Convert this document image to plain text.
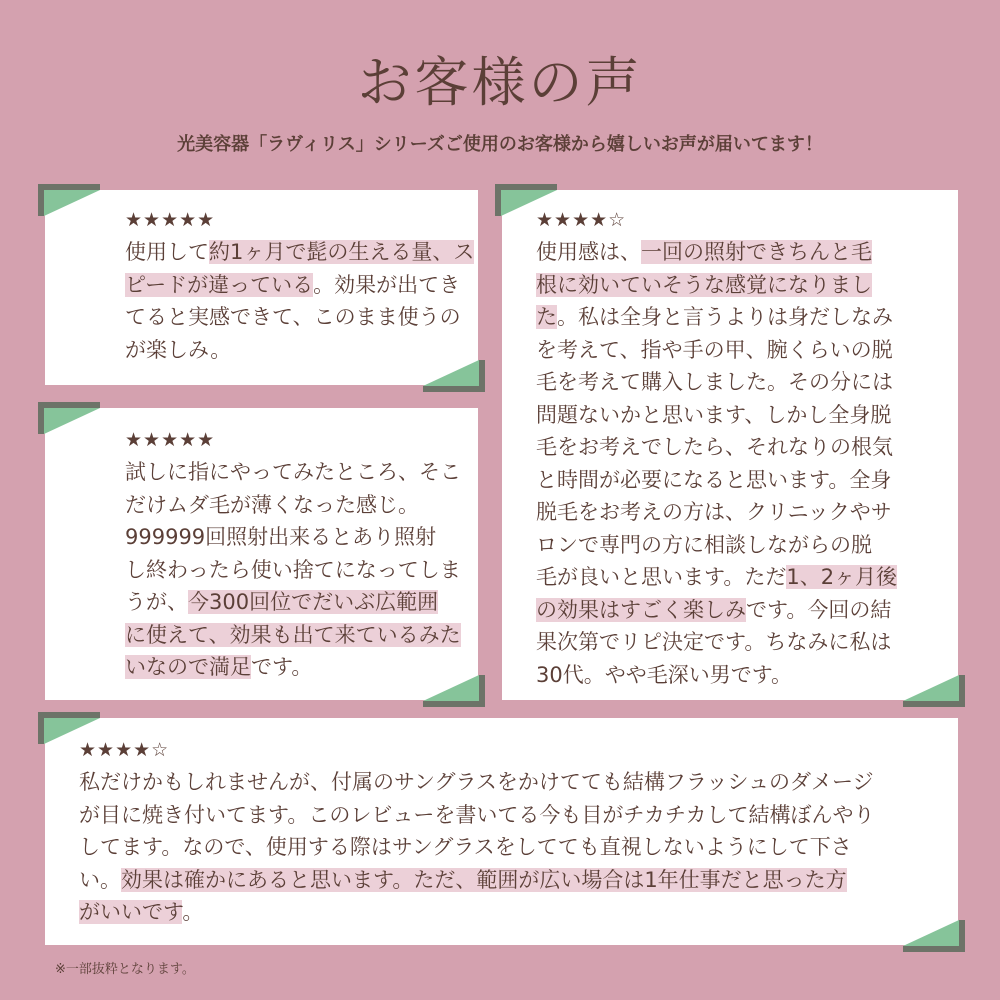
お客様の声
光美容器「ラヴィリス」シリーズご使用のお客様から嬉しいお声が届いてます！
★★★★★
使用して約1ヶ月で髭の生える量、ス
ピードが違っている。効果が出てき
てると実感できて、このまま使うの
が楽しみ。
★★★★★
試しに指にやってみたところ、そこ
だけムダ毛が薄くなった感じ。
999999回照射出来るとあり照射
し終わったら使い捨てになってしま
うが、今300回位でだいぶ広範囲
に使えて、効果も出て来ているみた
いなので満足です。
★★★★☆
使用感は、一回の照射できちんと毛
根に効いていそうな感覚になりまし
た。私は全身と言うよりは身だしなみ
を考えて、指や手の甲、腕くらいの脱
毛を考えて購入しました。その分には
問題ないかと思います、しかし全身脱
毛をお考えでしたら、それなりの根気
と時間が必要になると思います。全身
脱毛をお考えの方は、クリニックやサ
ロンで専門の方に相談しながらの脱
毛が良いと思います。ただ1、2ヶ月後
の効果はすごく楽しみです。今回の結
果次第でリピ決定です。ちなみに私は
30代。やや毛深い男です。
★★★★☆
私だけかもしれませんが、付属のサングラスをかけてても結構フラッシュのダメージ
が目に焼き付いてます。このレビューを書いてる今も目がチカチカして結構ぼんやり
してます。なので、使用する際はサングラスをしてても直視しないようにして下さ
い。効果は確かにあると思います。ただ、範囲が広い場合は1年仕事だと思った方
がいいです。
※一部抜粋となります。
